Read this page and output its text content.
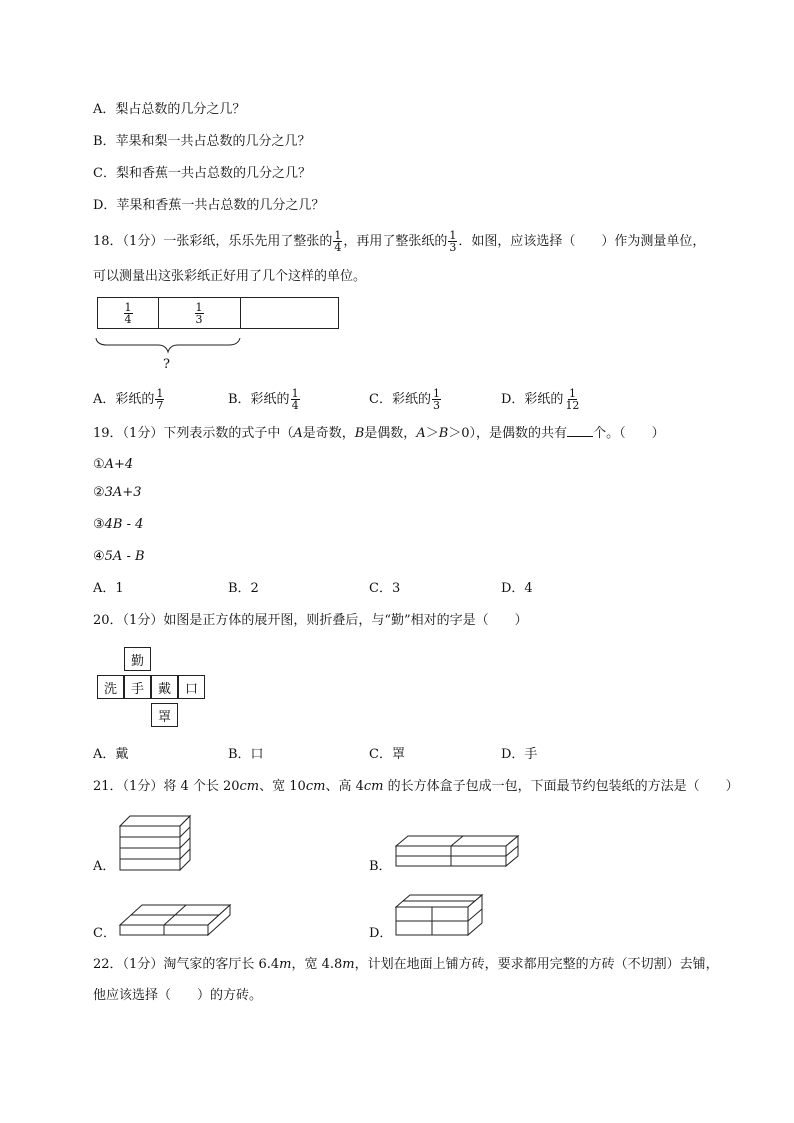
A．梨占总数的几分之几？
B．苹果和梨一共占总数的几分之几？
C．梨和香蕉一共占总数的几分之几？
D．苹果和香蕉一共占总数的几分之几？
18．（1分）一张彩纸，乐乐先用了整张的 $\frac{1}{4}$ ，再用了整张纸的 $\frac{1}{3}$ ．如图，应该选择（　　）作为测量单位，
可以测量出这张彩纸正好用了几个这样的单位。
$\frac{1}{4}$	$\frac{1}{3}$
?
A．彩纸的 $\frac{1}{7}$	B．彩纸的 $\frac{1}{4}$	C．彩纸的 $\frac{1}{3}$	D．彩纸的 $\frac{1}{12}$
19．（1分）下列表示数的式子中（A是奇数，B是偶数，A＞B＞0），是偶数的共有 个。（　　）
①A+4
②3A+3
③4B - 4
④5A - B
A．1	B．2	C．3	D．4
20．（1分）如图是正方体的展开图，则折叠后，与“勤”相对的字是（　　）
勤
洗	手	戴	口
罩
A．戴	B．口	C．罩	D．手
21．（1分）将 4 个长 20cm、宽 10cm、高 4cm 的长方体盒子包成一包，下面最节约包装纸的方法是（　　）
A．	B．
C．	D．
22．（1分）淘气家的客厅长 6.4m，宽 4.8m，计划在地面上铺方砖，要求都用完整的方砖（不切割）去铺，
他应该选择（　　）的方砖。
